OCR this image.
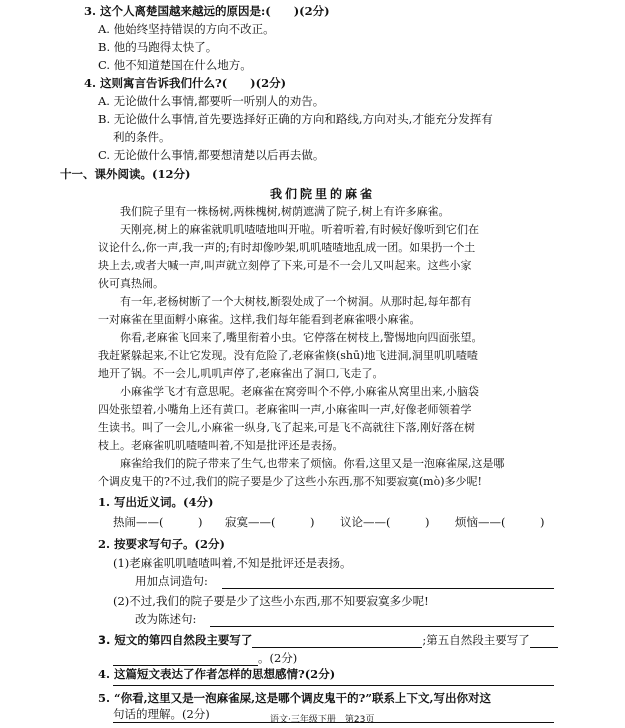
3. 这个人离楚国越来越远的原因是:(　　)(2分)
A. 他始终坚持错误的方向不改正。
B. 他的马跑得太快了。
C. 他不知道楚国在什么地方。
4. 这则寓言告诉我们什么?(　　)(2分)
A. 无论做什么事情,都要听一听别人的劝告。
B. 无论做什么事情,首先要选择好正确的方向和路线,方向对头,才能充分发挥有
利的条件。
C. 无论做什么事情,都要想清楚以后再去做。
十一、课外阅读。(12分)
我们院里的麻雀
我们院子里有一株杨树,两株槐树,树荫遮满了院子,树上有许多麻雀。
天刚亮,树上的麻雀就叽叽喳喳地叫开啦。听着听着,有时候好像听到它们在
议论什么,你一声,我一声的;有时却像吵架,叽叽喳喳地乱成一团。如果扔一个土
块上去,或者大喊一声,叫声就立刻停了下来,可是不一会儿又叫起来。这些小家
伙可真热闹。
有一年,老杨树断了一个大树枝,断裂处成了一个树洞。从那时起,每年都有
一对麻雀在里面孵小麻雀。这样,我们每年能看到老麻雀喂小麻雀。
你看,老麻雀飞回来了,嘴里衔着小虫。它停落在树枝上,警惕地向四面张望。
我赶紧躲起来,不让它发现。没有危险了,老麻雀倏(shū)地飞进洞,洞里叽叽喳喳
地开了锅。不一会儿,叽叽声停了,老麻雀出了洞口,飞走了。
小麻雀学飞才有意思呢。老麻雀在窝旁叫个不停,小麻雀从窝里出来,小脑袋
四处张望着,小嘴角上还有黄口。老麻雀叫一声,小麻雀叫一声,好像老师领着学
生读书。叫了一会儿,小麻雀一纵身,飞了起来,可是飞不高就往下落,刚好落在树
枝上。老麻雀叽叽喳喳叫着,不知是批评还是表扬。
麻雀给我们的院子带来了生气,也带来了烦恼。你看,这里又是一泡麻雀屎,这是哪
个调皮鬼干的?不过,我们的院子要是少了这些小东西,那不知要寂寞(mò)多少呢!
1. 写出近义词。(4分)
热闹——(　　　) 寂寞——(　　　) 议论——(　　　) 烦恼——(　　　)
2. 按要求写句子。(2分)
(1)老麻雀叽叽喳喳叫着,不知是批评还是表扬。
用加点词造句:
(2)不过,我们的院子要是少了这些小东西,那不知要寂寞多少呢!
改为陈述句:
3. 短文的第四自然段主要写了	;第五自然段主要写了
。(2分)
4. 这篇短文表达了作者怎样的思想感情?(2分)
5. “你看,这里又是一泡麻雀屎,这是哪个调皮鬼干的?”联系上下文,写出你对这
句话的理解。(2分)	语文·三年级下册　第23页
